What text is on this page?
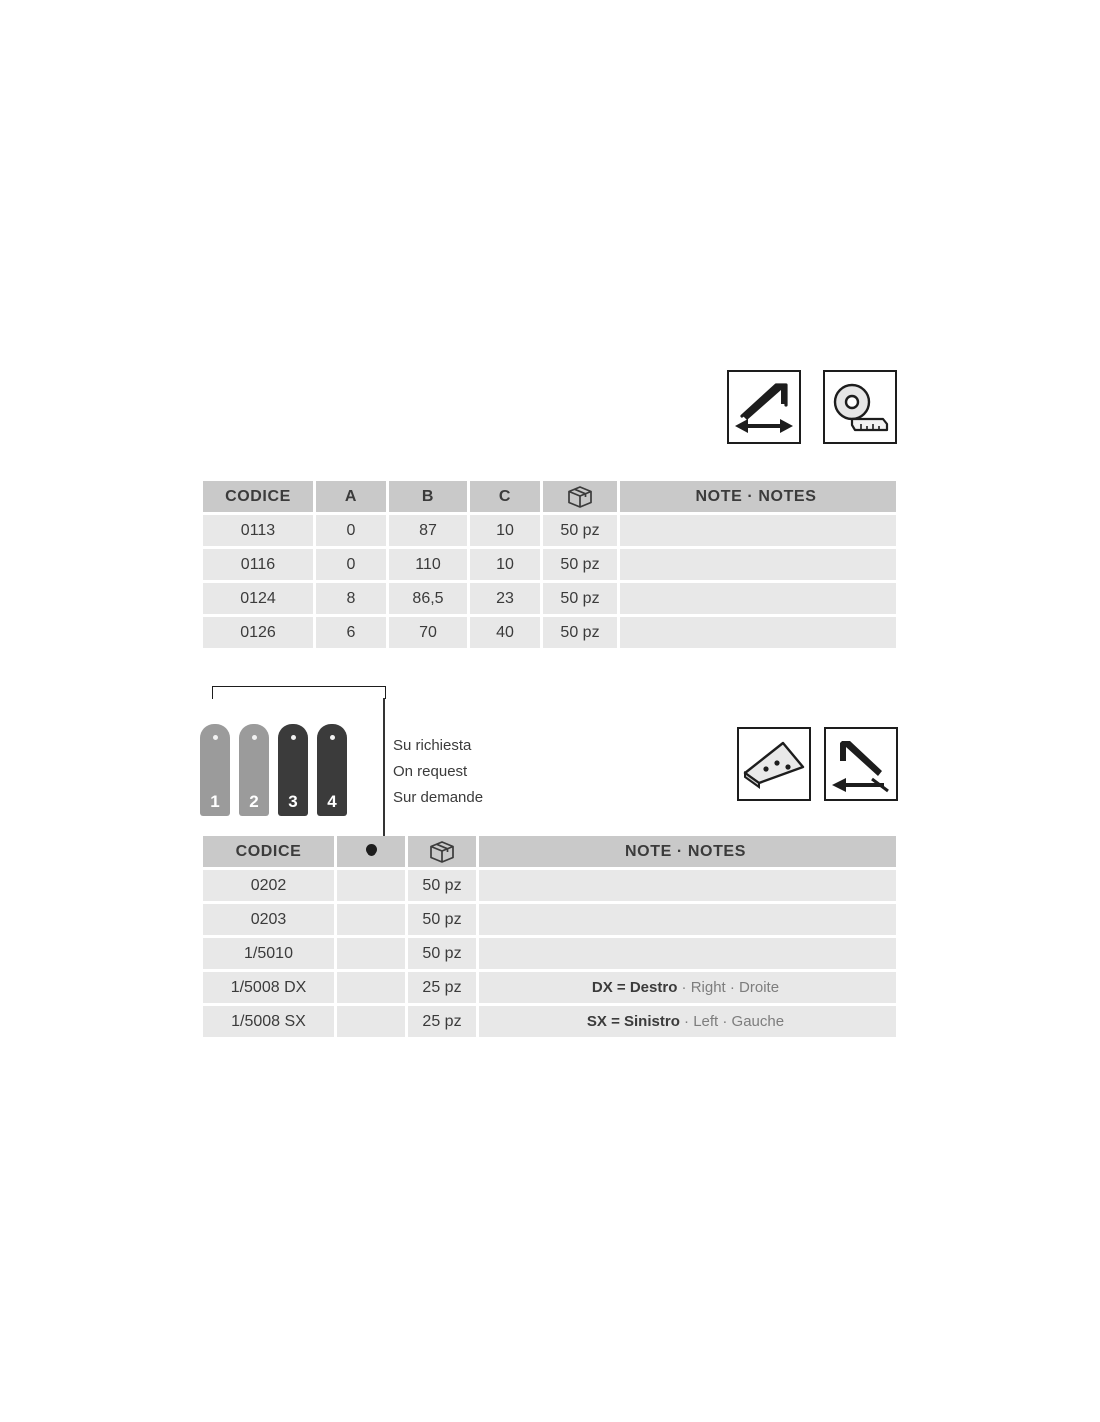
CODICE	A	B	C		NOTE · NOTES
0113	0	87	10	50 pz	
0116	0	110	10	50 pz	
0124	8	86,5	23	50 pz	
0126	6	70	40	50 pz	
1	2	3	4
Su richiesta
On request
Sur demande
CODICE			NOTE · NOTES
0202		50 pz	
0203		50 pz	
1/5010		50 pz	
1/5008 DX		25 pz	DX = Destro · Right · Droite
1/5008 SX		25 pz	SX = Sinistro · Left · Gauche
